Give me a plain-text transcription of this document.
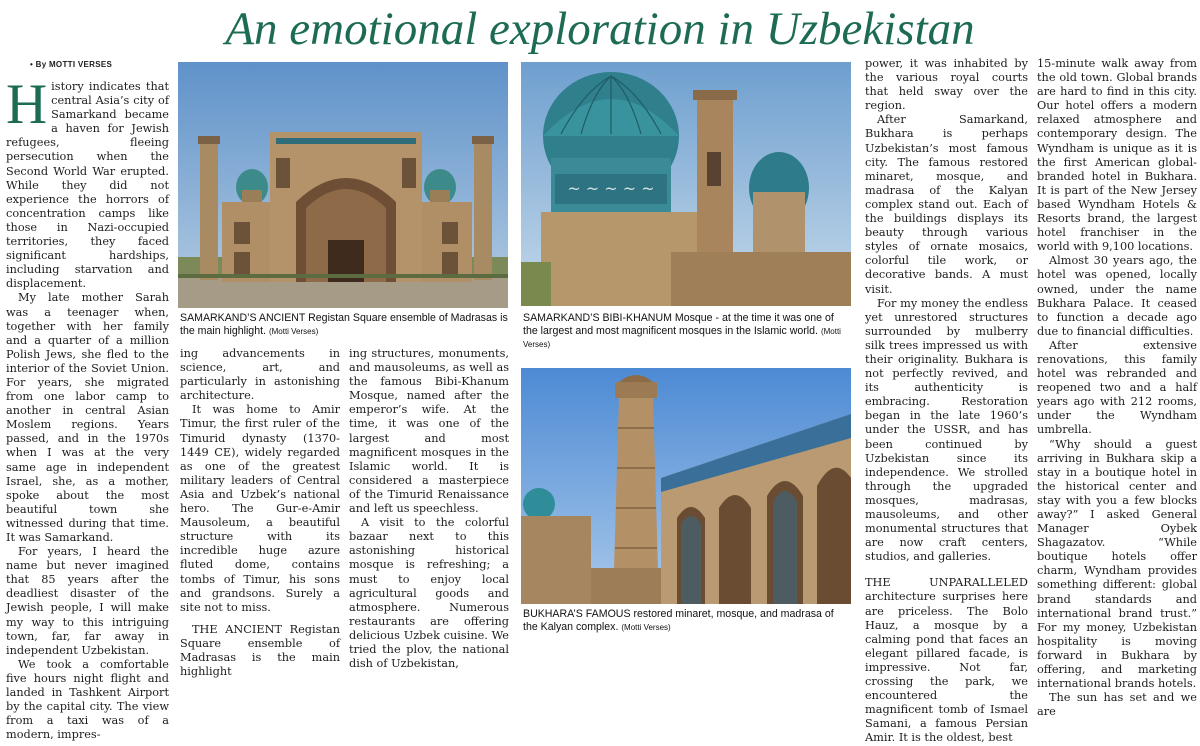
An emotional exploration in Uzbekistan
• By MOTTI VERSES

History indicates that central Asia’s city of Samarkand became a haven for Jewish refugees, fleeing persecution when the Second World War erupted. While they did not experience the horrors of concentration camps like those in Nazi-occupied territories, they faced significant hardships, including starvation and displacement.

My late mother Sarah was a teenager when, together with her family and a quarter of a million Polish Jews, she fled to the interior of the Soviet Union. For years, she migrated from one labor camp to another in central Asian Moslem regions. Years passed, and in the 1970s when I was at the very same age in independent Israel, she, as a mother, spoke about the most beautiful town she witnessed during that time. It was Samarkand.

For years, I heard the name but never imagined that 85 years after the deadliest disaster of the Jewish people, I will make my way to this intriguing town, far, far away in independent Uzbekistan.

We took a comfortable five hours night flight and landed in Tashkent Airport by the capital city. The view from a taxi was of a modern, impres-

SAMARKAND’S ANCIENT Registan Square ensemble of Madrasas is the main highlight. (Motti Verses)

ing advancements in science, art, and particularly in astonishing architecture.

It was home to Amir Timur, the first ruler of the Timurid dynasty (1370-1449 CE), widely regarded as one of the greatest military leaders of Central Asia and Uzbek’s national hero. The Gur-e-Amir Mausoleum, a beautiful structure with its incredible huge azure fluted dome, contains tombs of Timur, his sons and grandsons. Surely a site not to miss.

THE ANCIENT Registan Square ensemble of Madrasas is the main highlight

ing structures, monuments, and mausoleums, as well as the famous Bibi-Khanum Mosque, named after the emperor’s wife. At the time, it was one of the largest and most magnificent mosques in the Islamic world. It is considered a masterpiece of the Timurid Renaissance and left us speechless.

A visit to the colorful bazaar next to this astonishing historical mosque is refreshing; a must to enjoy local agricultural goods and atmosphere. Numerous restaurants are offering delicious Uzbek cuisine. We tried the plov, the national dish of Uzbekistan,

~ ~ ~ ~ ~
SAMARKAND’S BIBI-KHANUM Mosque - at the time it was one of the largest and most magnificent mosques in the Islamic world. (Motti Verses)
BUKHARA’S FAMOUS restored minaret, mosque, and madrasa of the Kalyan complex. (Motti Verses)

power, it was inhabited by the various royal courts that held sway over the region.

After Samarkand, Bukhara is perhaps Uzbekistan’s most famous city. The famous restored minaret, mosque, and madrasa of the Kalyan complex stand out. Each of the buildings displays its beauty through various styles of ornate mosaics, colorful tile work, or decorative bands. A must visit.

For my money the endless yet unrestored structures surrounded by mulberry silk trees impressed us with their originality. Bukhara is not perfectly revived, and its authenticity is embracing. Restoration began in the late 1960’s under the USSR, and has been continued by Uzbekistan since its independence. We strolled through the upgraded mosques, madrasas, mausoleums, and other monumental structures that are now craft centers, studios, and galleries.

THE UNPARALLELED architecture surprises here are priceless. The Bolo Hauz, a mosque by a calming pond that faces an elegant pillared facade, is impressive. Not far, crossing the park, we encountered the magnificent tomb of Ismael Samani, a famous Persian Amir. It is the oldest, best

15-minute walk away from the old town. Global brands are hard to find in this city. Our hotel offers a modern relaxed atmosphere and contemporary design. The Wyndham is unique as it is the first American global-branded hotel in Bukhara. It is part of the New Jersey based Wyndham Hotels & Resorts brand, the largest hotel franchiser in the world with 9,100 locations.

Almost 30 years ago, the hotel was opened, locally owned, under the name Bukhara Palace. It ceased to function a decade ago due to financial difficulties.

After extensive renovations, this family hotel was rebranded and reopened two and a half years ago with 212 rooms, under the Wyndham umbrella.

“Why should a guest arriving in Bukhara skip a stay in a boutique hotel in the historical center and stay with you a few blocks away?” I asked General Manager Oybek Shagazatov. “While boutique hotels offer charm, Wyndham provides something different: global brand standards and international brand trust.” For my money, Uzbekistan hospitality is moving forward in Bukhara by offering, and marketing international brands hotels.

The sun has set and we are
